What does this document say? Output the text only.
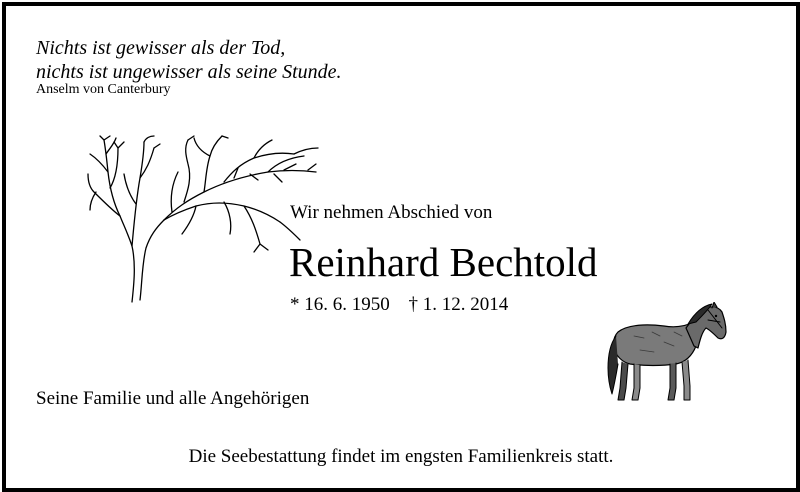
Nichts ist gewisser als der Tod,
nichts ist ungewisser als seine Stunde.

Anselm von Canterbury

Wir nehmen Abschied von

Reinhard Bechtold

* 16. 6. 1950 † 1. 12. 2014

Seine Familie und alle Angehörigen

Die Seebestattung findet im engsten Familienkreis statt.
